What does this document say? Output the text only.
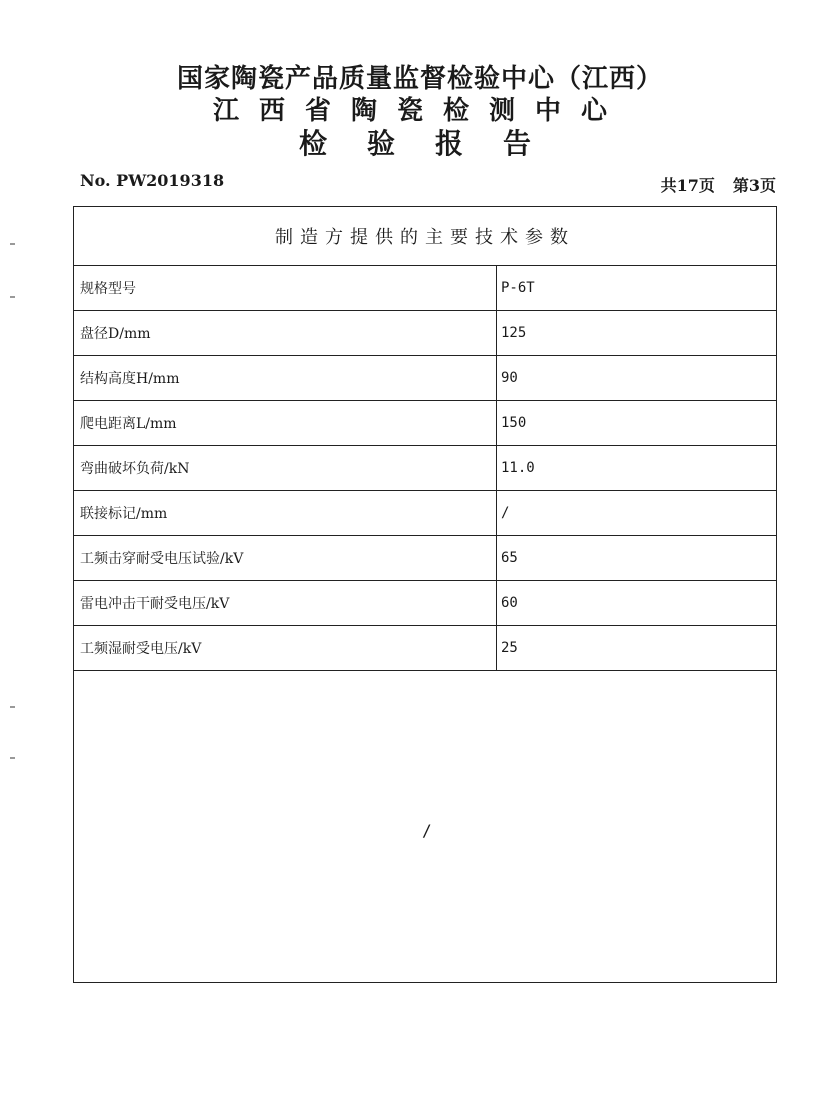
国家陶瓷产品质量监督检验中心（江西）
江西省陶瓷检测中心
检验报告
No. PW2019318	共17页 第3页
制造方提供的主要技术参数
规格型号	P-6T
盘径D/mm	125
结构高度H/mm	90
爬电距离L/mm	150
弯曲破坏负荷/kN	11.0
联接标记/mm	/
工频击穿耐受电压试验/kV	65
雷电冲击干耐受电压/kV	60
工频湿耐受电压/kV	25
/
